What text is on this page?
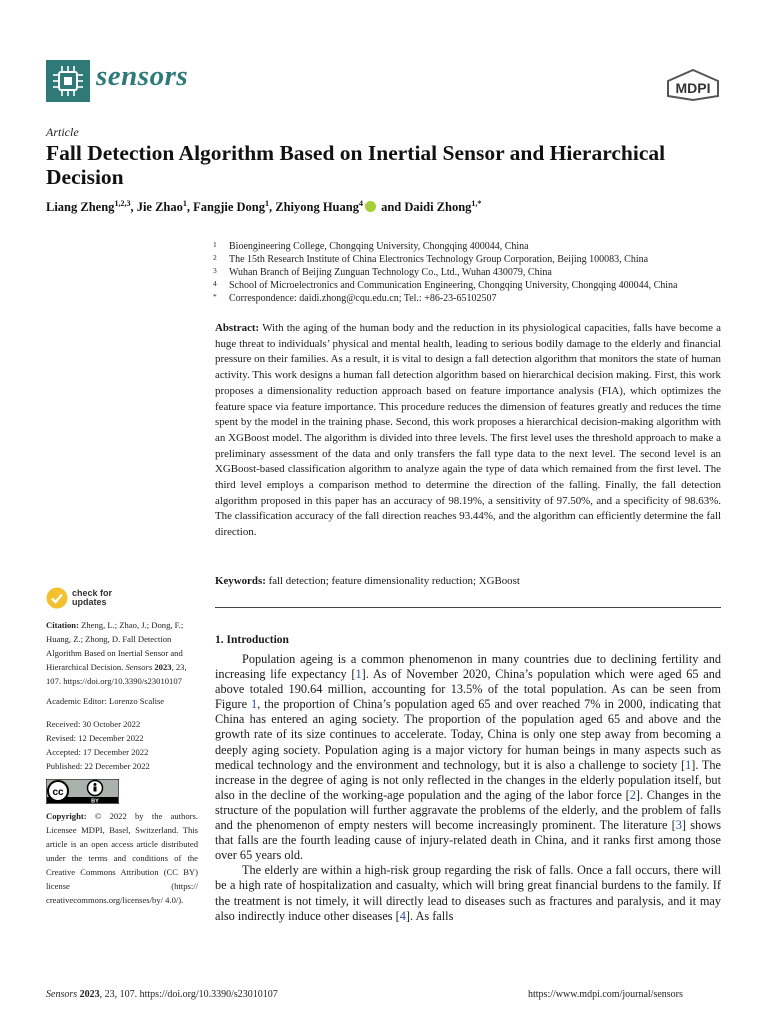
sensors	MDPI
Article
Fall Detection Algorithm Based on Inertial Sensor and Hierarchical Decision
Liang Zheng$^{1,2,3}$, Jie Zhao$^1$, Fangjie Dong$^1$, Zhiyong Huang$^4$ and Daidi Zhong$^{1,*}$
1	Bioengineering College, Chongqing University, Chongqing 400044, China
2	The 15th Research Institute of China Electronics Technology Group Corporation, Beijing 100083, China
3	Wuhan Branch of Beijing Zunguan Technology Co., Ltd., Wuhan 430079, China
4	School of Microelectronics and Communication Engineering, Chongqing University, Chongqing 400044, China
*	Correspondence: daidi.zhong@cqu.edu.cn; Tel.: +86-23-65102507
Abstract: With the aging of the human body and the reduction in its physiological capacities, falls have become a huge threat to individuals’ physical and mental health, leading to serious bodily damage to the elderly and financial pressure on their families. As a result, it is vital to design a fall detection algorithm that monitors the state of human activity. This work designs a human fall detection algorithm based on hierarchical decision making. First, this work proposes a dimensionality reduction approach based on feature importance analysis (FIA), which optimizes the feature space via feature importance. This procedure reduces the dimension of features greatly and reduces the time spent by the model in the training phase. Second, this work proposes a hierarchical decision-making algorithm with an XGBoost model. The algorithm is divided into three levels. The first level uses the threshold approach to make a preliminary assessment of the data and only transfers the fall type data to the next level. The second level is an XGBoost-based classification algorithm to analyze again the type of data which remained from the first level. The third level employs a comparison method to determine the direction of the falling. Finally, the fall detection algorithm proposed in this paper has an accuracy of 98.19%, a sensitivity of 97.50%, and a specificity of 98.63%. The classification accuracy of the fall direction reaches 93.44%, and the algorithm can efficiently determine the fall direction.
Keywords: fall detection; feature dimensionality reduction; XGBoost
1. Introduction

Population ageing is a common phenomenon in many countries due to declining fertility and increasing life expectancy [1]. As of November 2020, China’s population which were aged 65 and above totaled 190.64 million, accounting for 13.5% of the total population. As can be seen from Figure 1, the proportion of China’s population aged 65 and over reached 7% in 2000, indicating that China has entered an aging society. The proportion of the population aged 65 and above and the growth rate of its size continues to accelerate. Today, China is only one step away from becoming a deeply aging society. Population aging is a major victory for human beings in many aspects such as medical technology and the environment and technology, but it is also a challenge to society [1]. The increase in the degree of aging is not only reflected in the changes in the elderly population itself, but also in the decline of the working-age population and the aging of the labor force [2]. Changes in the structure of the population will further aggravate the problems of the elderly, and the problem of falls and the phenomenon of empty nesters will become increasingly prominent. The literature [3] shows that falls are the fourth leading cause of injury-related death in China, and it ranks first among those over 65 years old.

The elderly are within a high-risk group regarding the risk of falls. Once a fall occurs, there will be a high rate of hospitalization and casualty, which will bring great financial burdens to the family. If the treatment is not timely, it will directly lead to diseases such as fractures and paralysis, and it may also indirectly induce other diseases [4]. As falls

check for
updates
Citation: Zheng, L.; Zhao, J.; Dong, F.; Huang, Z.; Zhong, D. Fall Detection Algorithm Based on Inertial Sensor and Hierarchical Decision. Sensors 2023, 23, 107. https://doi.org/10.3390/s23010107
Academic Editor: Lorenzo Scalise
Received: 30 October 2022
Revised: 12 December 2022
Accepted: 17 December 2022
Published: 22 December 2022
cc
BY
Copyright: © 2022 by the authors. Licensee MDPI, Basel, Switzerland. This article is an open access article distributed under the terms and conditions of the Creative Commons Attribution (CC BY) license (https:// creativecommons.org/licenses/by/ 4.0/).
Sensors 2023, 23, 107. https://doi.org/10.3390/s23010107	https://www.mdpi.com/journal/sensors
